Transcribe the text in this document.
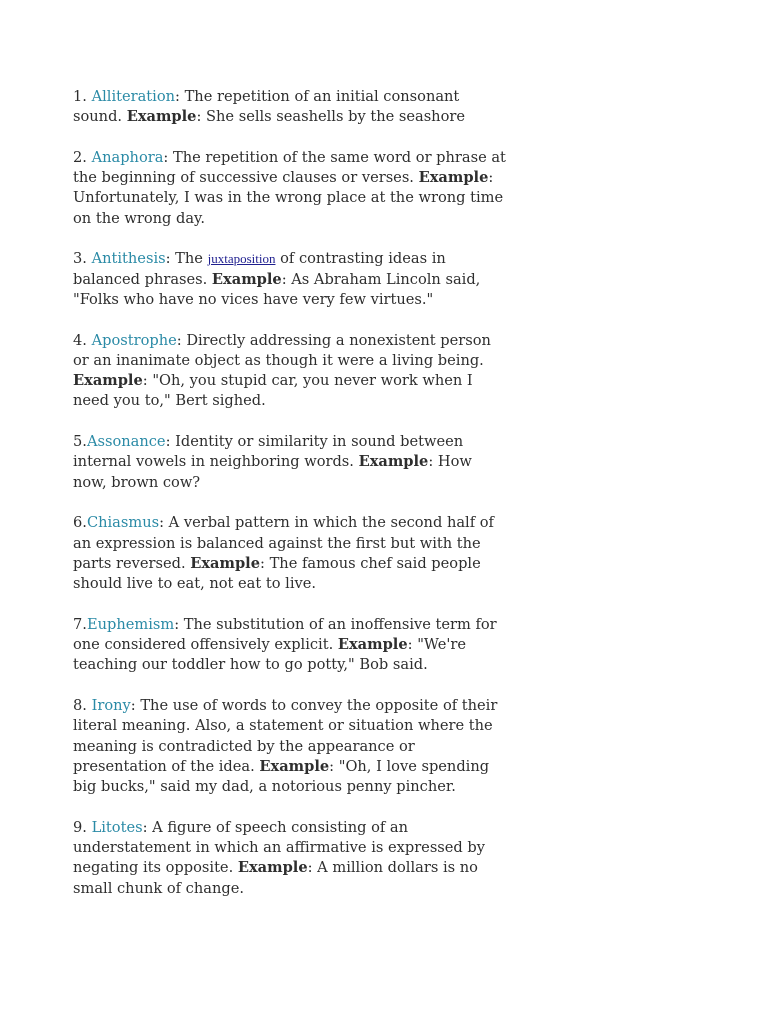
1. Alliteration: The repetition of an initial consonant sound. Example: She sells seashells by the seashore

2. Anaphora: The repetition of the same word or phrase at the beginning of successive clauses or verses. Example: Unfortunately, I was in the wrong place at the wrong time on the wrong day.

3. Antithesis: The juxtaposition of contrasting ideas in balanced phrases. Example: As Abraham Lincoln said, "Folks who have no vices have very few virtues."

4. Apostrophe: Directly addressing a nonexistent person or an inanimate object as though it were a living being. Example: "Oh, you stupid car, you never work when I need you to," Bert sighed.

5.Assonance: Identity or similarity in sound between internal vowels in neighboring words. Example: How now, brown cow?

6.Chiasmus: A verbal pattern in which the second half of an expression is balanced against the first but with the parts reversed. Example: The famous chef said people should live to eat, not eat to live.

7.Euphemism: The substitution of an inoffensive term for one considered offensively explicit. Example: "We're teaching our toddler how to go potty," Bob said.

8. Irony: The use of words to convey the opposite of their literal meaning. Also, a statement or situation where the meaning is contradicted by the appearance or presentation of the idea. Example: "Oh, I love spending big bucks," said my dad, a notorious penny pincher.

9. Litotes: A figure of speech consisting of an understatement in which an affirmative is expressed by negating its opposite. Example: A million dollars is no small chunk of change.
